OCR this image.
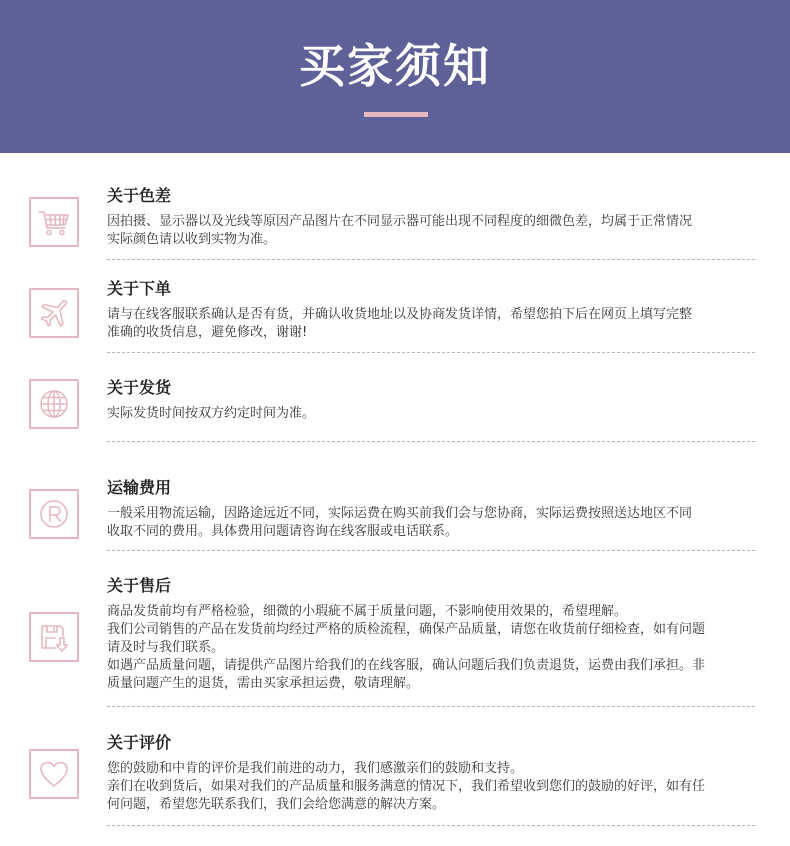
买家须知
关于色差

因拍摄、显示器以及光线等原因产品图片在不同显示器可能出现不同程度的细微色差，均属于正常情况

实际颜色请以收到实物为准。

关于下单

请与在线客服联系确认是否有货，并确认收货地址以及协商发货详情，希望您拍下后在网页上填写完整

准确的收货信息，避免修改，谢谢!

关于发货

实际发货时间按双方约定时间为准。

运输费用

一般采用物流运输，因路途远近不同，实际运费在购买前我们会与您协商，实际运费按照送达地区不同

收取不同的费用。具体费用问题请咨询在线客服或电话联系。

关于售后

商品发货前均有严格检验，细微的小瑕疵不属于质量问题，不影响使用效果的，希望理解。

我们公司销售的产品在发货前均经过严格的质检流程，确保产品质量，请您在收货前仔细检查，如有问题

请及时与我们联系。

如遇产品质量问题，请提供产品图片给我们的在线客服，确认问题后我们负责退货，运费由我们承担。非

质量问题产生的退货，需由买家承担运费，敬请理解。

关于评价

您的鼓励和中肯的评价是我们前进的动力，我们感激亲们的鼓励和支持。

亲们在收到货后，如果对我们的产品质量和服务满意的情况下，我们希望收到您们的鼓励的好评，如有任

何问题，希望您先联系我们，我们会给您满意的解决方案。
